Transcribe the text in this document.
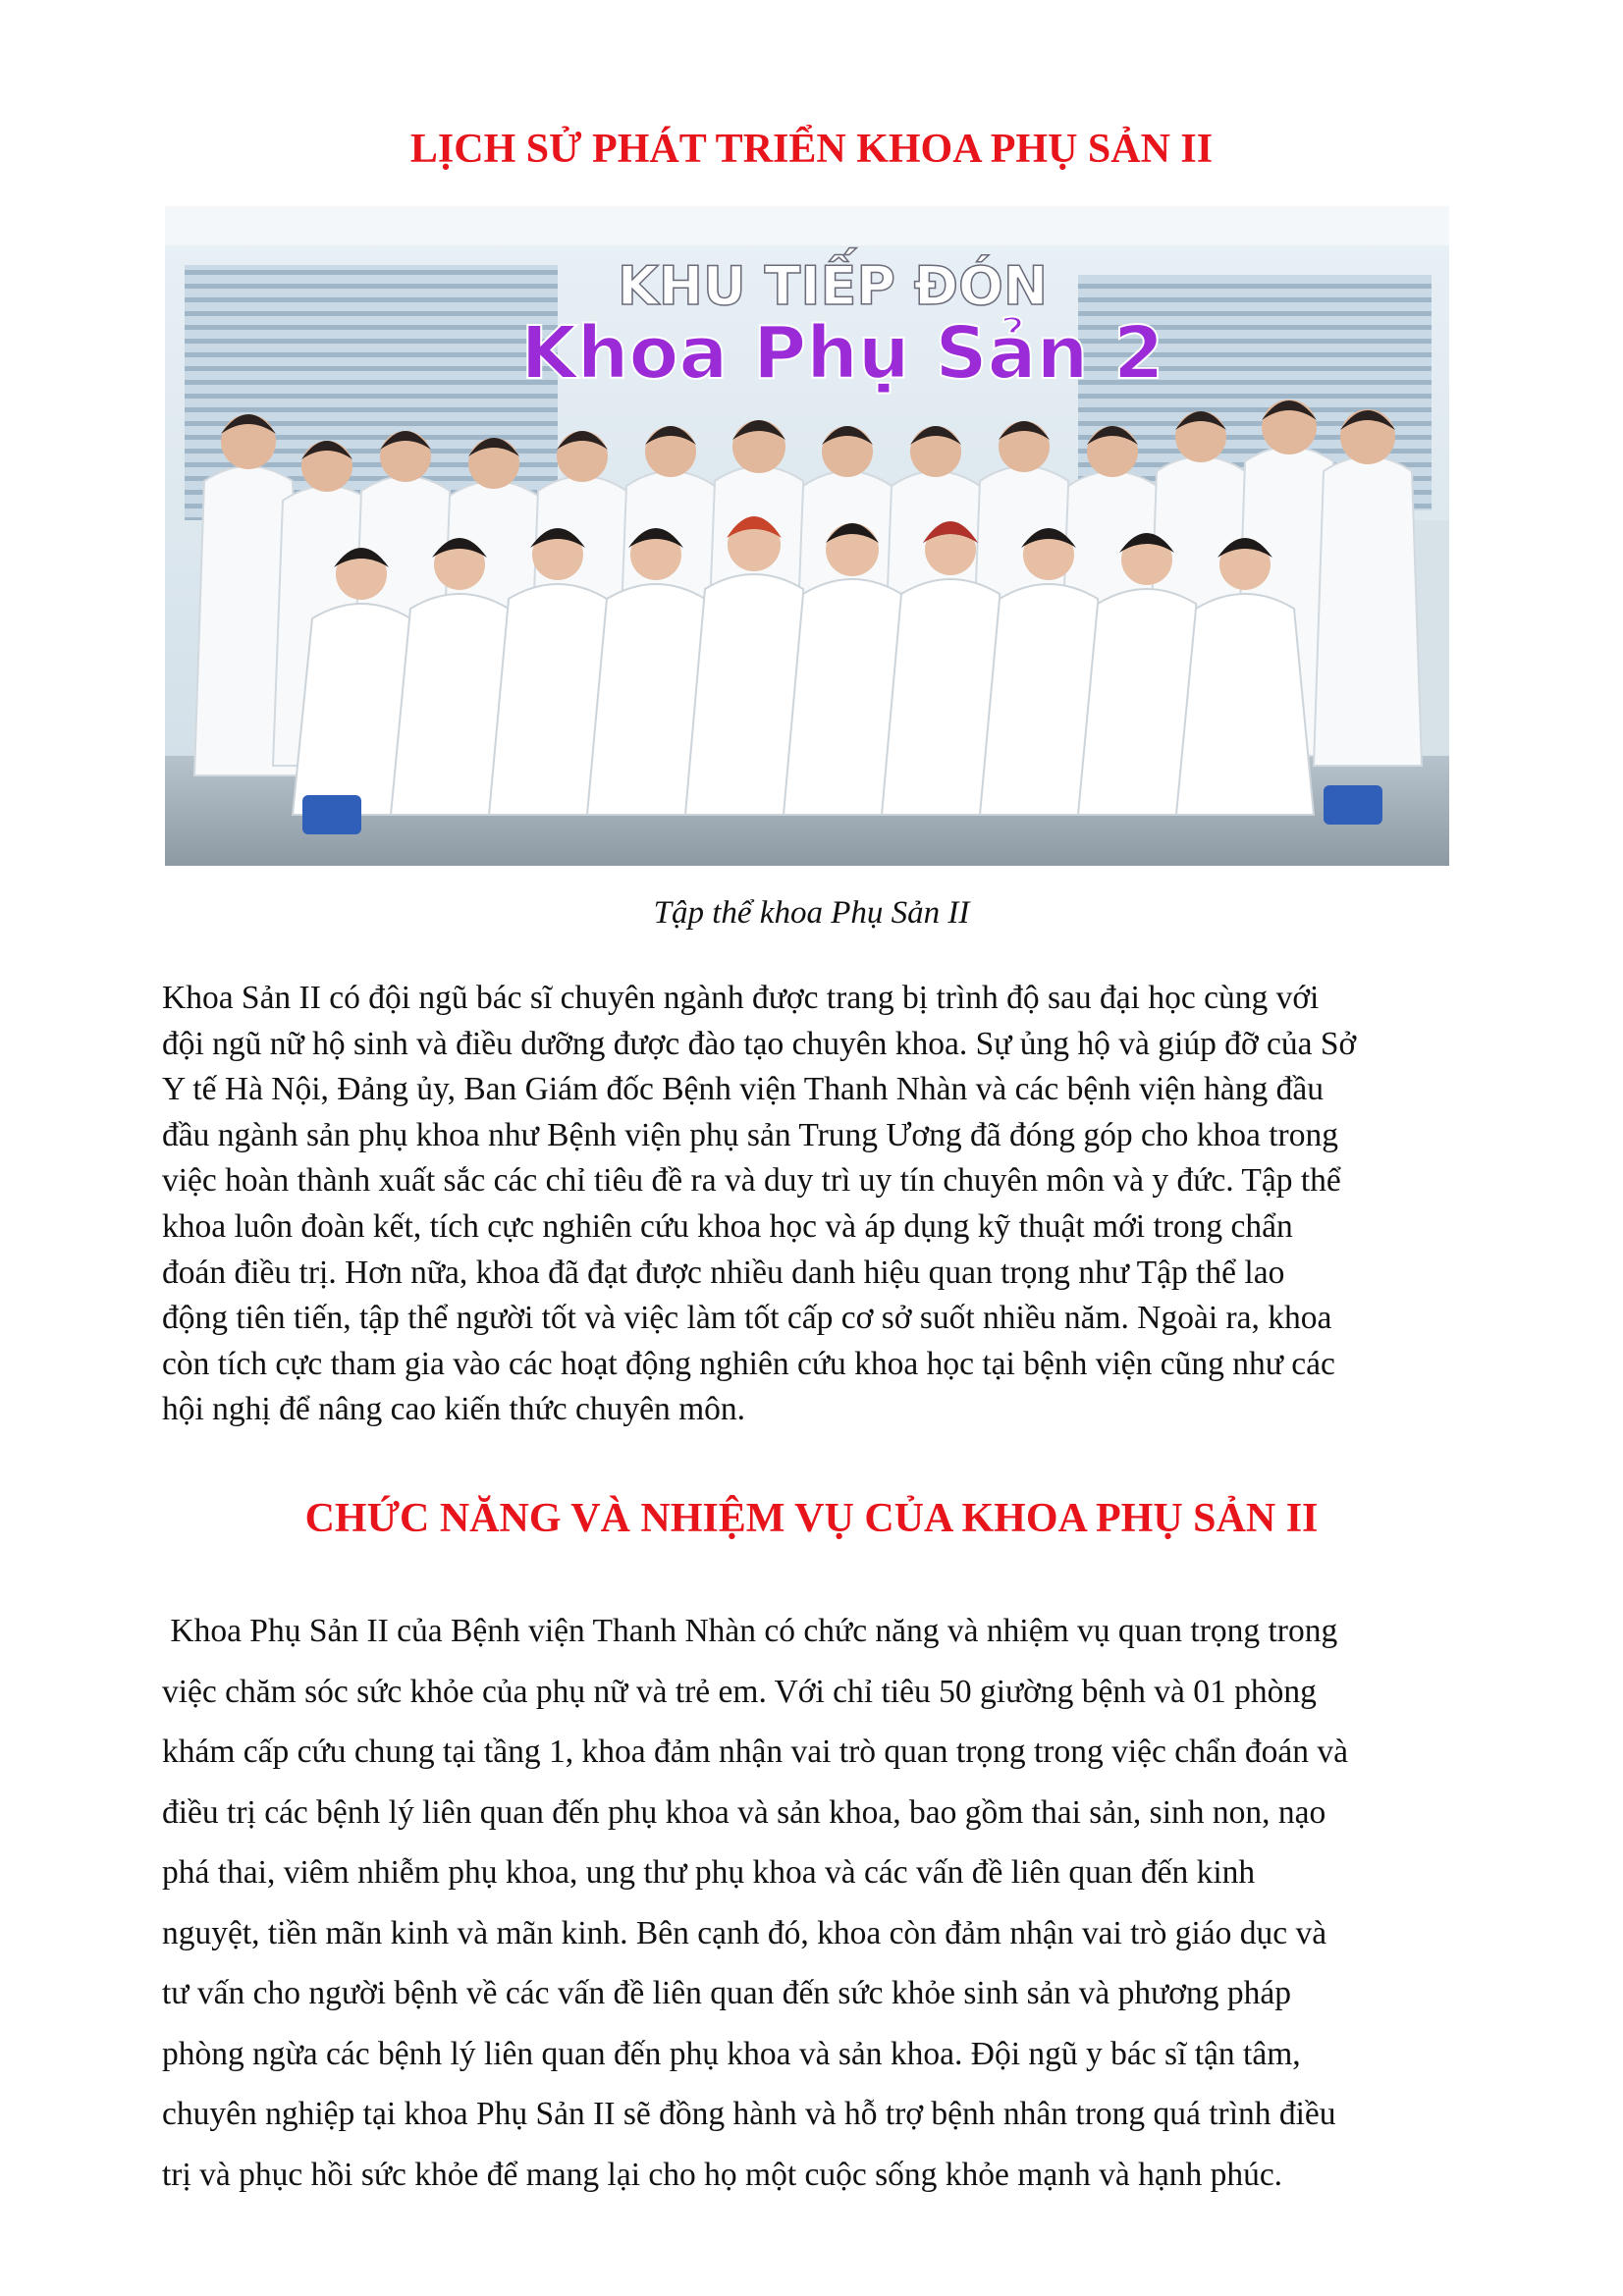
LỊCH SỬ PHÁT TRIỂN KHOA PHỤ SẢN II
KHU TIẾP ĐÓN
Khoa Phụ Sản 2
Tập thể khoa Phụ Sản II

Khoa Sản II có đội ngũ bác sĩ chuyên ngành được trang bị trình độ sau đại học cùng với
đội ngũ nữ hộ sinh và điều dưỡng được đào tạo chuyên khoa. Sự ủng hộ và giúp đỡ của Sở
Y tế Hà Nội, Đảng ủy, Ban Giám đốc Bệnh viện Thanh Nhàn và các bệnh viện hàng đầu
đầu ngành sản phụ khoa như Bệnh viện phụ sản Trung Ương đã đóng góp cho khoa trong
việc hoàn thành xuất sắc các chỉ tiêu đề ra và duy trì uy tín chuyên môn và y đức. Tập thể
khoa luôn đoàn kết, tích cực nghiên cứu khoa học và áp dụng kỹ thuật mới trong chẩn
đoán điều trị. Hơn nữa, khoa đã đạt được nhiều danh hiệu quan trọng như Tập thể lao
động tiên tiến, tập thể người tốt và việc làm tốt cấp cơ sở suốt nhiều năm. Ngoài ra, khoa
còn tích cực tham gia vào các hoạt động nghiên cứu khoa học tại bệnh viện cũng như các
hội nghị để nâng cao kiến thức chuyên môn.

CHỨC NĂNG VÀ NHIỆM VỤ CỦA KHOA PHỤ SẢN II

Khoa Phụ Sản II của Bệnh viện Thanh Nhàn có chức năng và nhiệm vụ quan trọng trong
việc chăm sóc sức khỏe của phụ nữ và trẻ em. Với chỉ tiêu 50 giường bệnh và 01 phòng
khám cấp cứu chung tại tầng 1, khoa đảm nhận vai trò quan trọng trong việc chẩn đoán và
điều trị các bệnh lý liên quan đến phụ khoa và sản khoa, bao gồm thai sản, sinh non, nạo
phá thai, viêm nhiễm phụ khoa, ung thư phụ khoa và các vấn đề liên quan đến kinh
nguyệt, tiền mãn kinh và mãn kinh. Bên cạnh đó, khoa còn đảm nhận vai trò giáo dục và
tư vấn cho người bệnh về các vấn đề liên quan đến sức khỏe sinh sản và phương pháp
phòng ngừa các bệnh lý liên quan đến phụ khoa và sản khoa. Đội ngũ y bác sĩ tận tâm,
chuyên nghiệp tại khoa Phụ Sản II sẽ đồng hành và hỗ trợ bệnh nhân trong quá trình điều
trị và phục hồi sức khỏe để mang lại cho họ một cuộc sống khỏe mạnh và hạnh phúc.
